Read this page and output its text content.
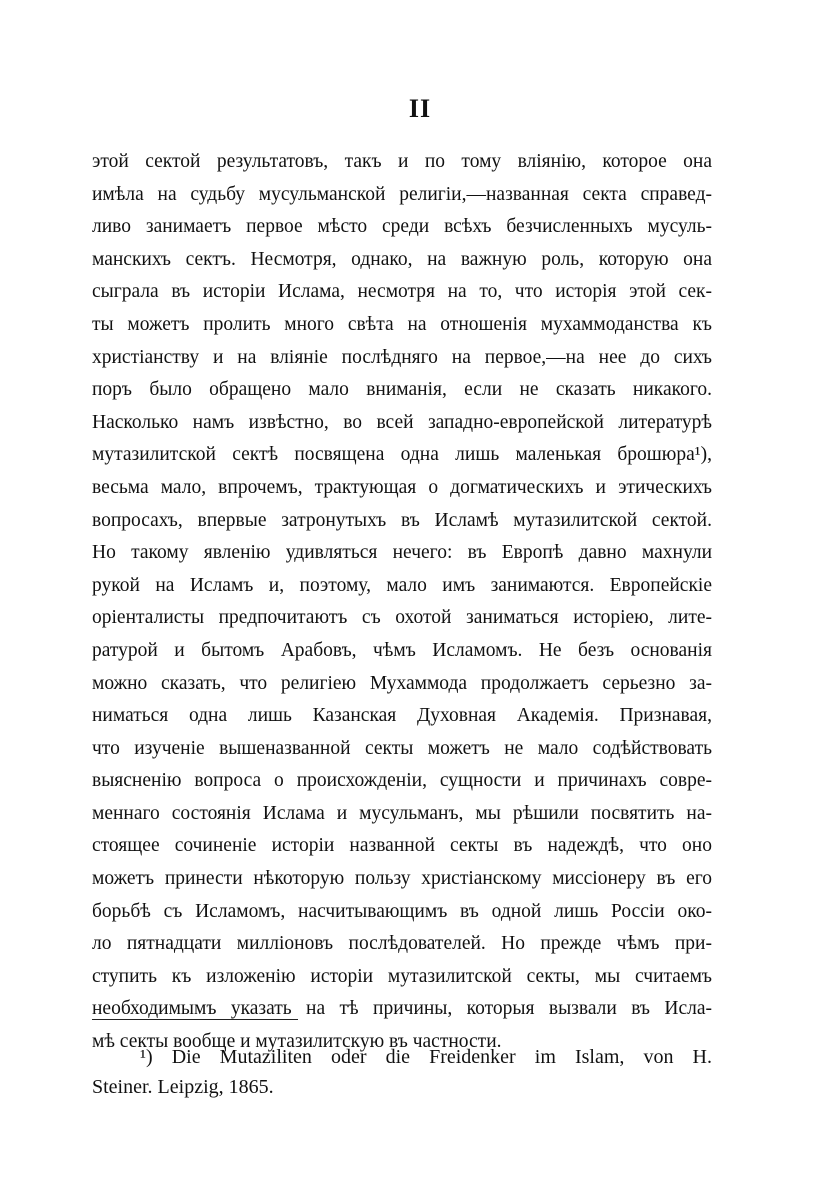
II
этой сектой результатовъ, такъ и по тому вліянію, которое она
имѣла на судьбу мусульманской религіи,—названная секта справед-
ливо занимаетъ первое мѣсто среди всѣхъ безчисленныхъ мусуль-
манскихъ сектъ. Несмотря, однако, на важную роль, которую она
сыграла въ исторіи Ислама, несмотря на то, что исторія этой сек-
ты можетъ пролить много свѣта на отношенія мухаммоданства къ
христіанству и на вліяніе послѣдняго на первое,—на нее до сихъ
поръ было обращено мало вниманія, если не сказать никакого.
Насколько намъ извѣстно, во всей западно-европейской литературѣ
мутазилитской сектѣ посвящена одна лишь маленькая брошюра¹),
весьма мало, впрочемъ, трактующая о догматическихъ и этическихъ
вопросахъ, впервые затронутыхъ въ Исламѣ мутазилитской сектой.
Но такому явленію удивляться нечего: въ Европѣ давно махнули
рукой на Исламъ и, поэтому, мало имъ занимаются. Европейскіе
оріенталисты предпочитаютъ съ охотой заниматься исторіею, лите-
ратурой и бытомъ Арабовъ, чѣмъ Исламомъ. Не безъ основанія
можно сказать, что религіею Мухаммода продолжаетъ серьезно за-
ниматься одна лишь Казанская Духовная Академія. Признавая,
что изученіе вышеназванной секты можетъ не мало содѣйствовать
выясненію вопроса о происхожденіи, сущности и причинахъ совре-
меннаго состоянія Ислама и мусульманъ, мы рѣшили посвятить на-
стоящее сочиненіе исторіи названной секты въ надеждѣ, что оно
можетъ принести нѣкоторую пользу христіанскому миссіонеру въ его
борьбѣ съ Исламомъ, насчитывающимъ въ одной лишь Россіи око-
ло пятнадцати милліоновъ послѣдователей. Но прежде чѣмъ при-
ступить къ изложенію исторіи мутазилитской секты, мы считаемъ
необходимымъ указать на тѣ причины, которыя вызвали въ Исла-
мѣ секты вообще и мутазилитскую въ частности.
¹) Die Mutaziliten oder die Freidenker im Islam, von H.
Steiner. Leipzig, 1865.
